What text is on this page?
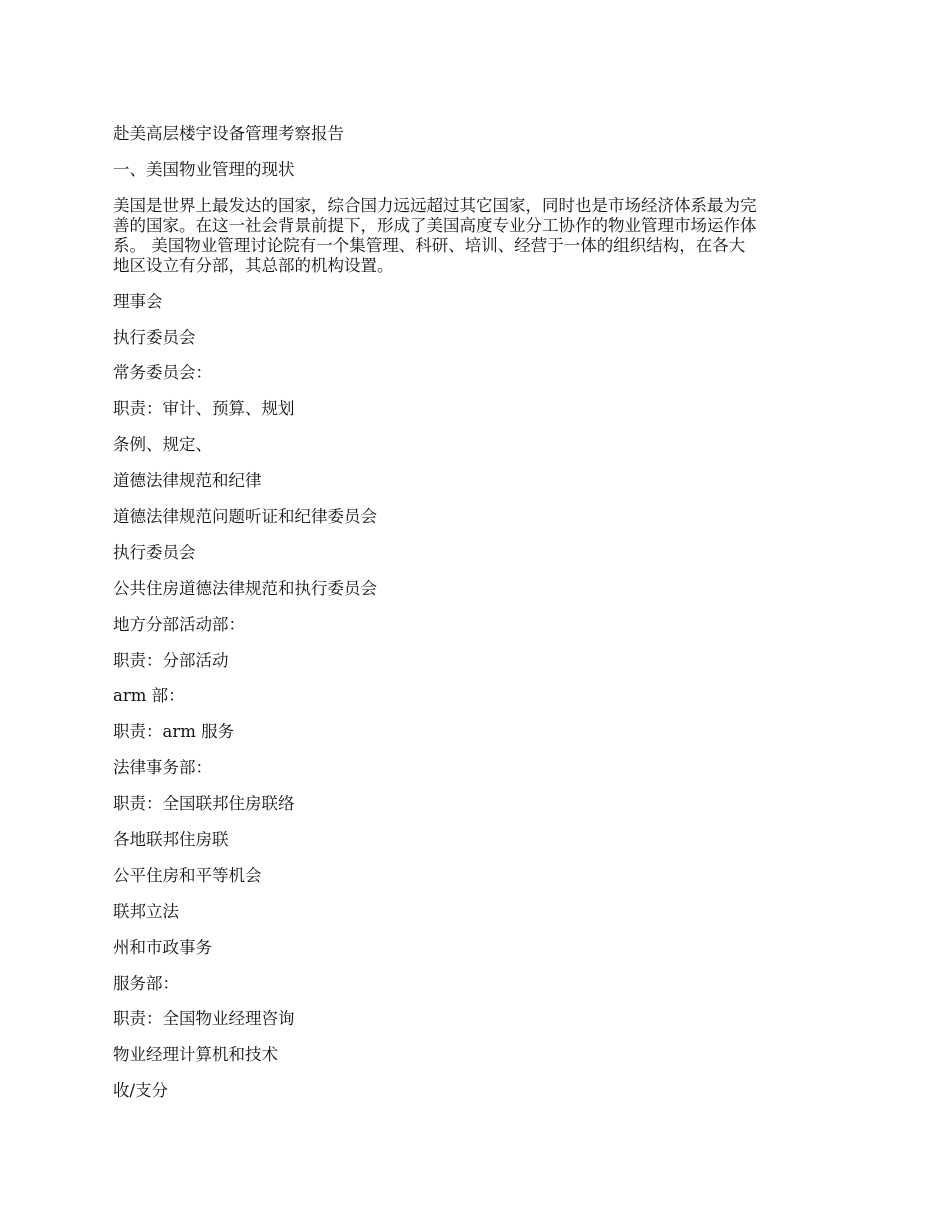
赴美高层楼宇设备管理考察报告
一、美国物业管理的现状
美国是世界上最发达的国家，综合国力远远超过其它国家，同时也是市场经济体系最为完
善的国家。在这一社会背景前提下，形成了美国高度专业分工协作的物业管理市场运作体
系。 美国物业管理讨论院有一个集管理、科研、培训、经营于一体的组织结构，在各大
地区设立有分部，其总部的机构设置。
理事会
执行委员会
常务委员会：
职责：审计、预算、规划
条例、规定、
道德法律规范和纪律
道德法律规范问题听证和纪律委员会
执行委员会
公共住房道德法律规范和执行委员会
地方分部活动部：
职责：分部活动
arm 部：
职责：arm 服务
法律事务部：
职责：全国联邦住房联络
各地联邦住房联
公平住房和平等机会
联邦立法
州和市政事务
服务部：
职责：全国物业经理咨询
物业经理计算机和技术
收/支分
